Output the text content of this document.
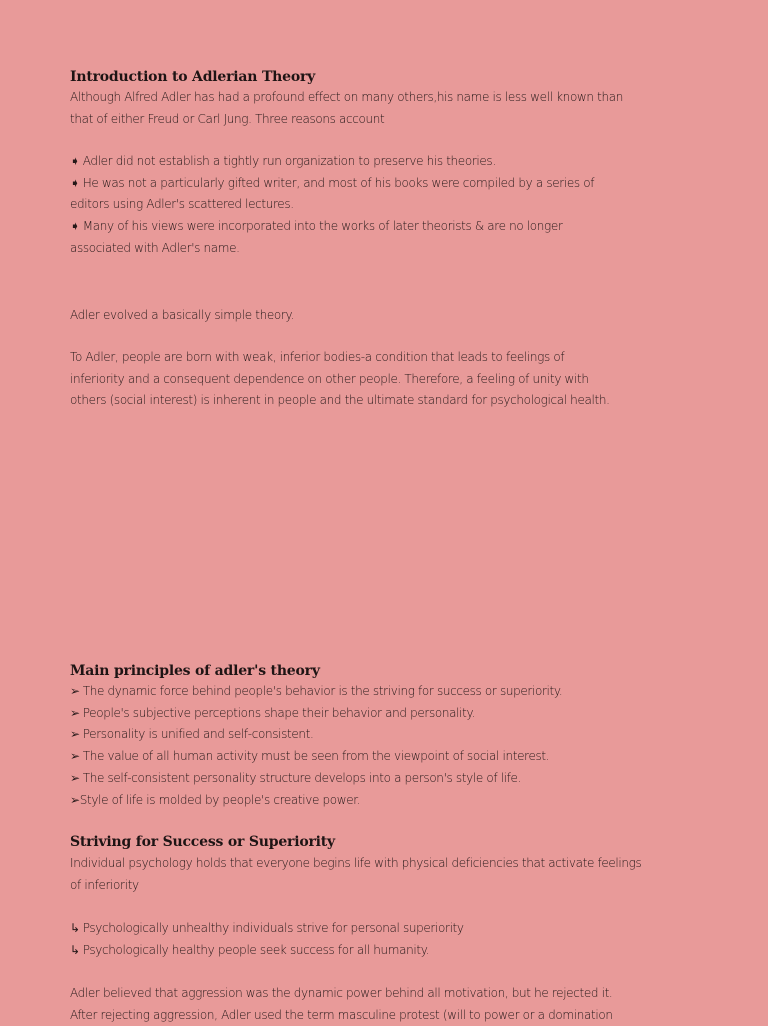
Introduction to Adlerian Theory
Although Alfred Adler has had a profound effect on many others,his name is less well known than
that of either Freud or Carl Jung. Three reasons account
➧ Adler did not establish a tightly run organization to preserve his theories.
➧ He was not a particularly gifted writer, and most of his books were compiled by a series of
editors using Adler's scattered lectures.
➧ Many of his views were incorporated into the works of later theorists & are no longer
associated with Adler's name.
Adler evolved a basically simple theory.
To Adler, people are born with weak, inferior bodies-a condition that leads to feelings of
inferiority and a consequent dependence on other people. Therefore, a feeling of unity with
others (social interest) is inherent in people and the ultimate standard for psychological health.
Main principles of adler's theory
➢ The dynamic force behind people's behavior is the striving for success or superiority.
➢ People's subjective perceptions shape their behavior and personality.
➢ Personality is unified and self-consistent.
➢ The value of all human activity must be seen from the viewpoint of social interest.
➢ The self-consistent personality structure develops into a person's style of life.
➢Style of life is molded by people's creative power.
Striving for Success or Superiority
Individual psychology holds that everyone begins life with physical deficiencies that activate feelings
of inferiority
↳ Psychologically unhealthy individuals strive for personal superiority
↳ Psychologically healthy people seek success for all humanity.
Adler believed that aggression was the dynamic power behind all motivation, but he rejected it.
After rejecting aggression, Adler used the term masculine protest (will to power or a domination
